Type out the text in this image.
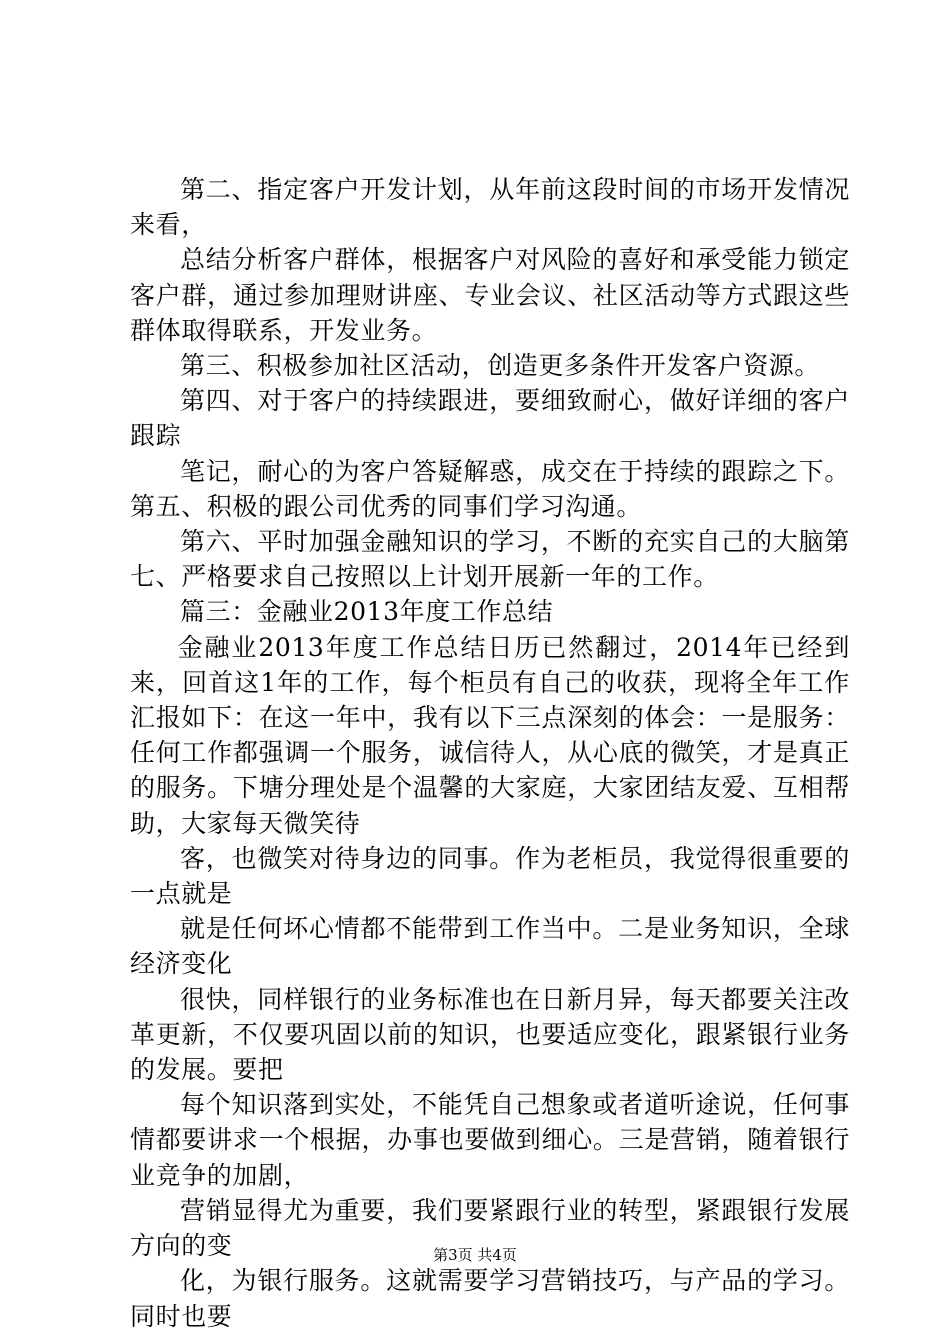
第二、指定客户开发计划，从年前这段时间的市场开发情况来看，

总结分析客户群体，根据客户对风险的喜好和承受能力锁定客户群，通过参加理财讲座、专业会议、社区活动等方式跟这些群体取得联系，开发业务。

第三、积极参加社区活动，创造更多条件开发客户资源。

第四、对于客户的持续跟进，要细致耐心，做好详细的客户跟踪

笔记，耐心的为客户答疑解惑，成交在于持续的跟踪之下。第五、积极的跟公司优秀的同事们学习沟通。

第六、平时加强金融知识的学习，不断的充实自己的大脑第七、严格要求自己按照以上计划开展新一年的工作。

篇三：金融业2013年度工作总结

金融业2013年度工作总结日历已然翻过，2014年已经到来，回首这1年的工作，每个柜员有自己的收获，现将全年工作汇报如下：在这一年中，我有以下三点深刻的体会：一是服务：任何工作都强调一个服务，诚信待人，从心底的微笑，才是真正的服务。下塘分理处是个温馨的大家庭，大家团结友爱、互相帮助，大家每天微笑待

客，也微笑对待身边的同事。作为老柜员，我觉得很重要的一点就是

就是任何坏心情都不能带到工作当中。二是业务知识，全球经济变化

很快，同样银行的业务标准也在日新月异，每天都要关注改革更新，不仅要巩固以前的知识，也要适应变化，跟紧银行业务的发展。要把

每个知识落到实处，不能凭自己想象或者道听途说，任何事情都要讲求一个根据，办事也要做到细心。三是营销，随着银行业竞争的加剧，

营销显得尤为重要，我们要紧跟行业的转型，紧跟银行发展方向的变

化，为银行服务。这就需要学习营销技巧，与产品的学习。同时也要

第3页 共4页
